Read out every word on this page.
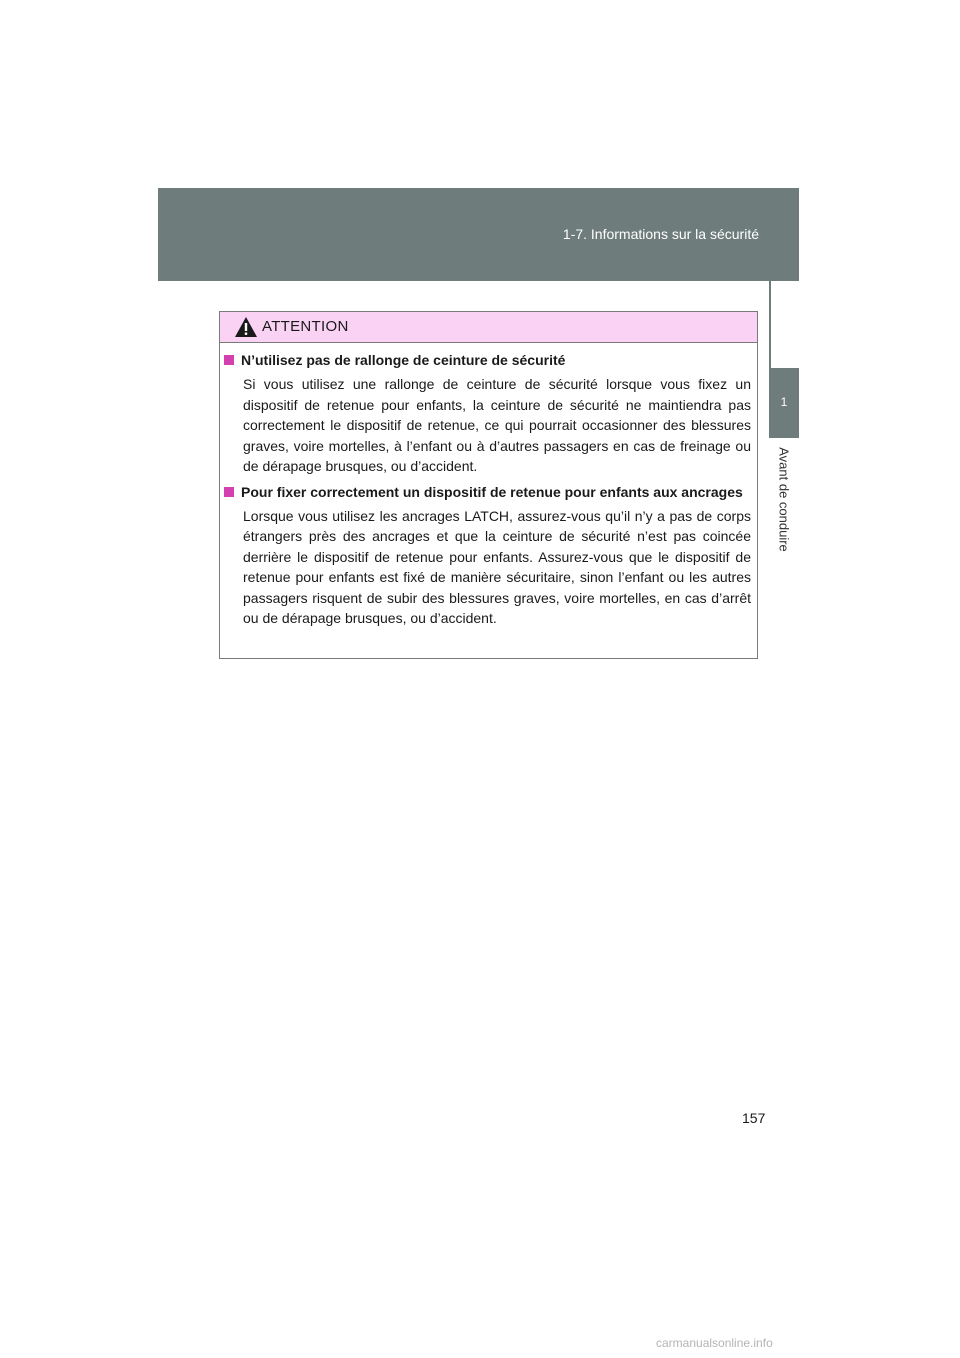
1-7. Informations sur la sécurité
1
Avant de conduire
ATTENTION
N’utilisez pas de rallonge de ceinture de sécurité
Si vous utilisez une rallonge de ceinture de sécurité lorsque vous fixez un dispositif de retenue pour enfants, la ceinture de sécurité ne maintiendra pas correctement le dispositif de retenue, ce qui pourrait occasionner des blessures graves, voire mortelles, à l’enfant ou à d’autres passagers en cas de freinage ou de dérapage brusques, ou d’accident.
Pour fixer correctement un dispositif de retenue pour enfants aux ancrages
Lorsque vous utilisez les ancrages LATCH, assurez-vous qu’il n’y a pas de corps étrangers près des ancrages et que la ceinture de sécurité n’est pas coincée derrière le dispositif de retenue pour enfants. Assurez-vous que le dispositif de retenue pour enfants est fixé de manière sécuritaire, sinon l’enfant ou les autres passagers risquent de subir des blessures graves, voire mortelles, en cas d’arrêt ou de dérapage brusques, ou d’accident.
157
carmanualsonline.info
